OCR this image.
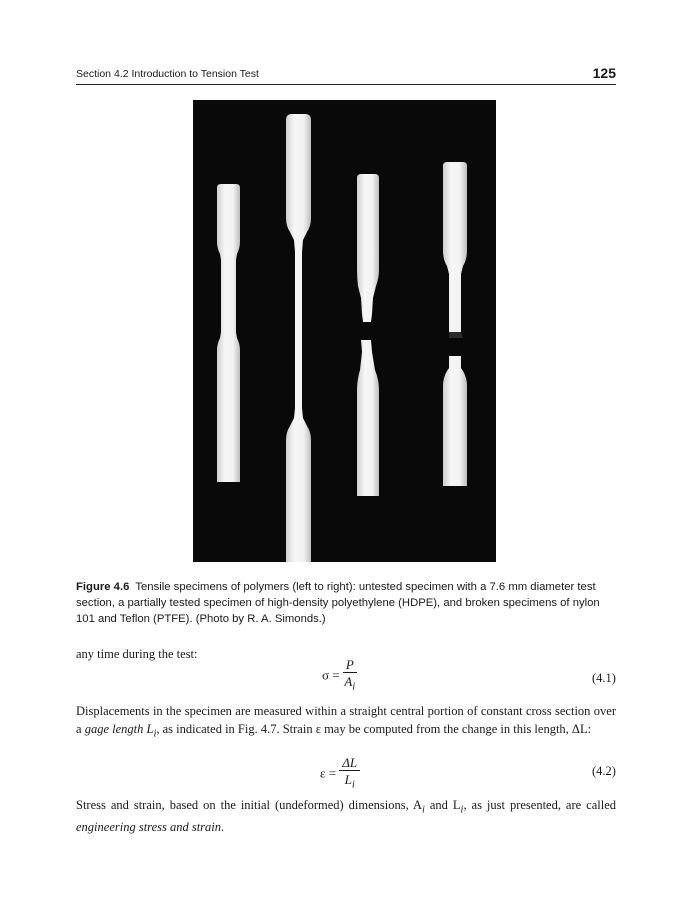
Section 4.2 Introduction to Tension Test	125
Figure 4.6 Tensile specimens of polymers (left to right): untested specimen with a 7.6 mm diameter test section, a partially tested specimen of high-density polyethylene (HDPE), and broken specimens of nylon 101 and Teflon (PTFE). (Photo by R. A. Simonds.)
any time during the test:
$\sigma = \frac{P}{A_i}$	(4.1)
Displacements in the specimen are measured within a straight central portion of constant cross section over a gage length $L_i$, as indicated in Fig. 4.7. Strain ε may be computed from the change in this length, ΔL:
$\varepsilon = \frac{\Delta L}{L_i}$	(4.2)
Stress and strain, based on the initial (undeformed) dimensions, $A_i$ and $L_i$, as just presented, are called engineering stress and strain.
